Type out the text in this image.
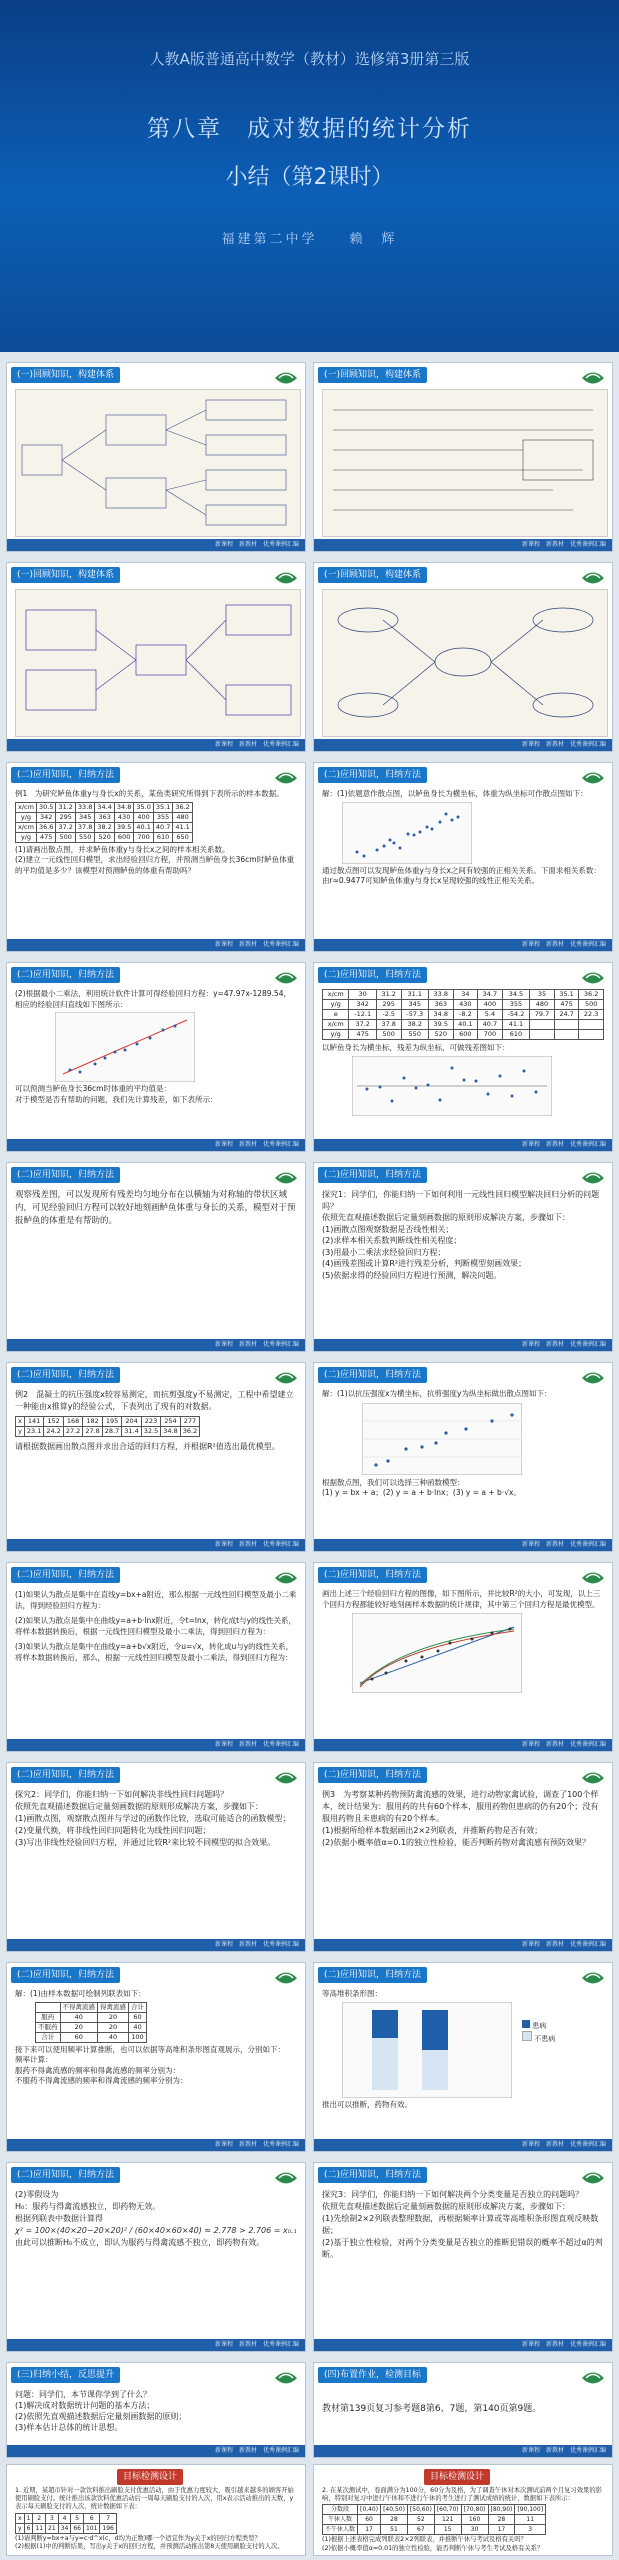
人教A版普通高中数学（教材）选修第3册第三版
第八章　成对数据的统计分析
小结（第2课时）
福建第二中学　　赖　辉
(一)回顾知识，构建体系
新课程　新教材　优秀课例汇编
(一)回顾知识，构建体系
新课程　新教材　优秀课例汇编
(一)回顾知识，构建体系
新课程　新教材　优秀课例汇编
(一)回顾知识，构建体系
新课程　新教材　优秀课例汇编
(二)应用知识，归纳方法
例1　为研究鲈鱼体重y与身长x的关系，某鱼类研究所得到下表所示的样本数据。
x/cm	30.5	31.2	33.8	34.4	34.8	35.0	35.1	36.2
y/g	342	295	345	363	430	400	355	480
x/cm	36.6	37.2	37.8	38.2	39.5	40.1	40.7	41.1
y/g	475	500	550	520	600	700	610	650
(1)请画出散点图，并求鲈鱼体重y与身长x之间的样本相关系数。
(2)建立一元线性回归模型，求出经验回归方程，并预测当鲈鱼身长36cm时鲈鱼体重的平均值是多少？该模型对预测鲈鱼的体重有帮助吗？
新课程　新教材　优秀课例汇编
(二)应用知识，归纳方法
解：(1)依题意作散点图，以鲈鱼身长为横坐标，体重为纵坐标可作散点图如下：
通过散点图可以发现鲈鱼体重y与身长x之间有较强的正相关关系。下面求相关系数：
由r≈0.9477可知鲈鱼体重y与身长x呈现较强的线性正相关关系。
新课程　新教材　优秀课例汇编
(二)应用知识，归纳方法
(2)根据最小二乘法，利用统计软件计算可得经验回归方程：y=47.97x-1289.54，相应的经验回归直线如下图所示：
可以预测当鲈鱼身长36cm时体重的平均值是：
对于模型是否有帮助的问题，我们先计算残差，如下表所示：
新课程　新教材　优秀课例汇编
(二)应用知识，归纳方法
x/cm	30	31.2	31.1	33.8	34	34.7	34.5	35	35.1	36.2
y/g	342	295	345	363	430	400	355	480	475	500
e	-12.1	-2.5	-57.3	34.8	-8.2	5.4	-54.2	79.7	24.7	22.3
x/cm	37.2	37.8	38.2	39.5	40.1	40.7	41.1			
y/g	475	500	550	520	600	700	610			
以鲈鱼身长为横坐标，残差为纵坐标，可做残差图如下：
新课程　新教材　优秀课例汇编
(二)应用知识，归纳方法
观察残差图，可以发现所有残差均匀地分布在以横轴为对称轴的带状区域内，可见经验回归方程可以较好地刻画鲈鱼体重与身长的关系，模型对于预报鲈鱼的体重是有帮助的。
新课程　新教材　优秀课例汇编
(二)应用知识，归纳方法
探究1：同学们，你能归纳一下如何利用一元线性回归模型解决回归分析的问题吗？
依照先直观描述数据后定量刻画数据的原则形成解决方案，步骤如下：
(1)画散点图观察数据是否线性相关；
(2)求样本相关系数判断线性相关程度；
(3)用最小二乘法求经验回归方程；
(4)画残差图或计算R²进行残差分析，判断模型刻画效果；
(5)依据求得的经验回归方程进行预测，解决问题。
新课程　新教材　优秀课例汇编
(二)应用知识，归纳方法
例2　混凝土的抗压强度x较容易测定，而抗剪强度y不易测定，工程中希望建立一种能由x推算y的经验公式，下表列出了现有的对数据。
x	141	152	168	182	195	204	223	254	277
y	23.1	24.2	27.2	27.8	28.7	31.4	32.5	34.8	36.2
请根据数据画出散点图并求出合适的回归方程，并根据R²值选出最优模型。
新课程　新教材　优秀课例汇编
(二)应用知识，归纳方法
解：(1)以抗压强度x为横坐标，抗剪强度y为纵坐标做出散点图如下：
根据散点图，我们可以选择三种函数模型：
(1) y = bx + a；(2) y = a + b·lnx；(3) y = a + b·√x。
新课程　新教材　优秀课例汇编
(二)应用知识，归纳方法
(1)如果认为散点是集中在直线y=bx+a附近，那么根据一元线性回归模型及最小二乘法，得到经验回归方程为：
(2)如果认为散点是集中在曲线y=a+b·lnx附近，令t=lnx，转化成t与y的线性关系，将样本数据转换后，根据一元线性回归模型及最小二乘法，得到回归方程为：
(3)如果认为散点是集中在曲线y=a+b√x附近，令u=√x，转化成u与y的线性关系，将样本数据转换后，那么，根据一元线性回归模型及最小二乘法，得到回归方程为：
新课程　新教材　优秀课例汇编
(二)应用知识，归纳方法
画出上述三个经验回归方程的图像，如下图所示，并比较R²的大小，可发现，以上三个回归方程都能较好地刻画样本数据的统计规律，其中第三个回归方程是最优模型。
新课程　新教材　优秀课例汇编
(二)应用知识，归纳方法
探究2：同学们，你能归纳一下如何解决非线性回归问题吗？
依照先直观描述数据后定量刻画数据的原则形成解决方案，步骤如下：
(1)画散点图，观察散点图并与学过的函数作比较，选取可能适合的函数模型；
(2)变量代换，将非线性回归问题转化为线性回归问题；
(3)写出非线性经验回归方程，并通过比较R²来比较不同模型的拟合效果。
新课程　新教材　优秀课例汇编
(二)应用知识，归纳方法
例3　为考察某种药物预防禽流感的效果，进行动物家禽试验，调查了100个样本，统计结果为：服用药的共有60个样本，服用药物但患病的仍有20个；没有服用药物且未患病的有20个样本。
(1)根据所给样本数据画出2×2列联表，并推断药物是否有效；
(2)依据小概率值α=0.1的独立性检验，能否判断药物对禽流感有预防效果？
新课程　新教材　优秀课例汇编
(二)应用知识，归纳方法
解：(1)由样本数据可绘制列联表如下：
	不得禽流感	得禽流感	合计
服药	40	20	60
不服药	20	20	40
合计	60	40	100
接下来可以使用频率计算推断，也可以依据等高堆积条形图直观展示，分别如下：
频率计算：
服药不得禽流感的频率和得禽流感的频率分别为：
不服药不得禽流感的频率和得禽流感的频率分别为：
新课程　新教材　优秀课例汇编
(二)应用知识，归纳方法
等高堆积条形图：
患病
不患病
推出可以推断，药物有效。
新课程　新教材　优秀课例汇编
(二)应用知识，归纳方法
(2)零假设为
H₀：服药与得禽流感独立，即药物无效。
根据列联表中数据计算得
χ² = 100×(40×20−20×20)² / (60×40×60×40) ≈ 2.778 > 2.706 = x₀.₁
由此可以推断H₀不成立，即认为服药与得禽流感不独立，即药物有效。
新课程　新教材　优秀课例汇编
(二)应用知识，归纳方法
探究3：同学们，你能归纳一下如何解决两个分类变量是否独立的问题吗？
依照先直观描述数据后定量刻画数据的原则形成解决方案，步骤如下：
(1)先绘制2×2列联表整理数据，再根据频率计算或等高堆积条形图直观反映数据；
(2)基于独立性检验，对两个分类变量是否独立的推断犯错误的概率不超过α的判断。
新课程　新教材　优秀课例汇编
(三)归纳小结，反思提升
问题：同学们，本节课你学到了什么？
(1)解决成对数据统计问题的基本方法；
(2)依照先直观描述数据后定量刻画数据的原则；
(3)样本估计总体的统计思想。
新课程　新教材　优秀课例汇编
(四)布置作业，检测目标
教材第139页复习参考题8第6、7题，第140页第9题。
新课程　新教材　优秀课例汇编
目标检测设计
1. 近期，某超市针对一款饮料推出刷脸支付优惠活动，由于优惠力度较大，吸引越来越多的顾客开始使用刷脸支付。统计推出该款饮料优惠活动后一周每天刷脸支付的人次，用x表示活动推出的天数，y表示每天刷脸支付的人次，统计数据如下表：
x	1	2	3	4	5	6	7
y	6	11	21	34	66	101	196
(1)请判断y=bx+a与y=c·d^x(c，d均为正数)哪一个适宜作为y关于x的回归方程类型？
(2)根据(1)中的判断结果，写出y关于x的回归方程，并预测活动推出第8天使用刷脸支付的人次。
目标检测设计
2. 在某次测试中，卷面满分为100分，60分为及格，为了调查午休对本次测试前两个月复习效果的影响，特别对复习中进行午休和不进行午休的考生进行了测试成绩的统计，数据如下表所示：
分数段	[0,40)	[40,50)	[50,60)	[60,70)	[70,80)	[80,90)	[90,100]
午休人数	60	28	52	121	160	28	11
不午休人数	17	51	67	15	30	17	3
(1)根据上述表格完成列联表2×2列联表，并推断午休与考试及格有关吗？
(2)依据小概率值α=0.01的独立性检验，能否判断午休与考生考试及格有关系？
